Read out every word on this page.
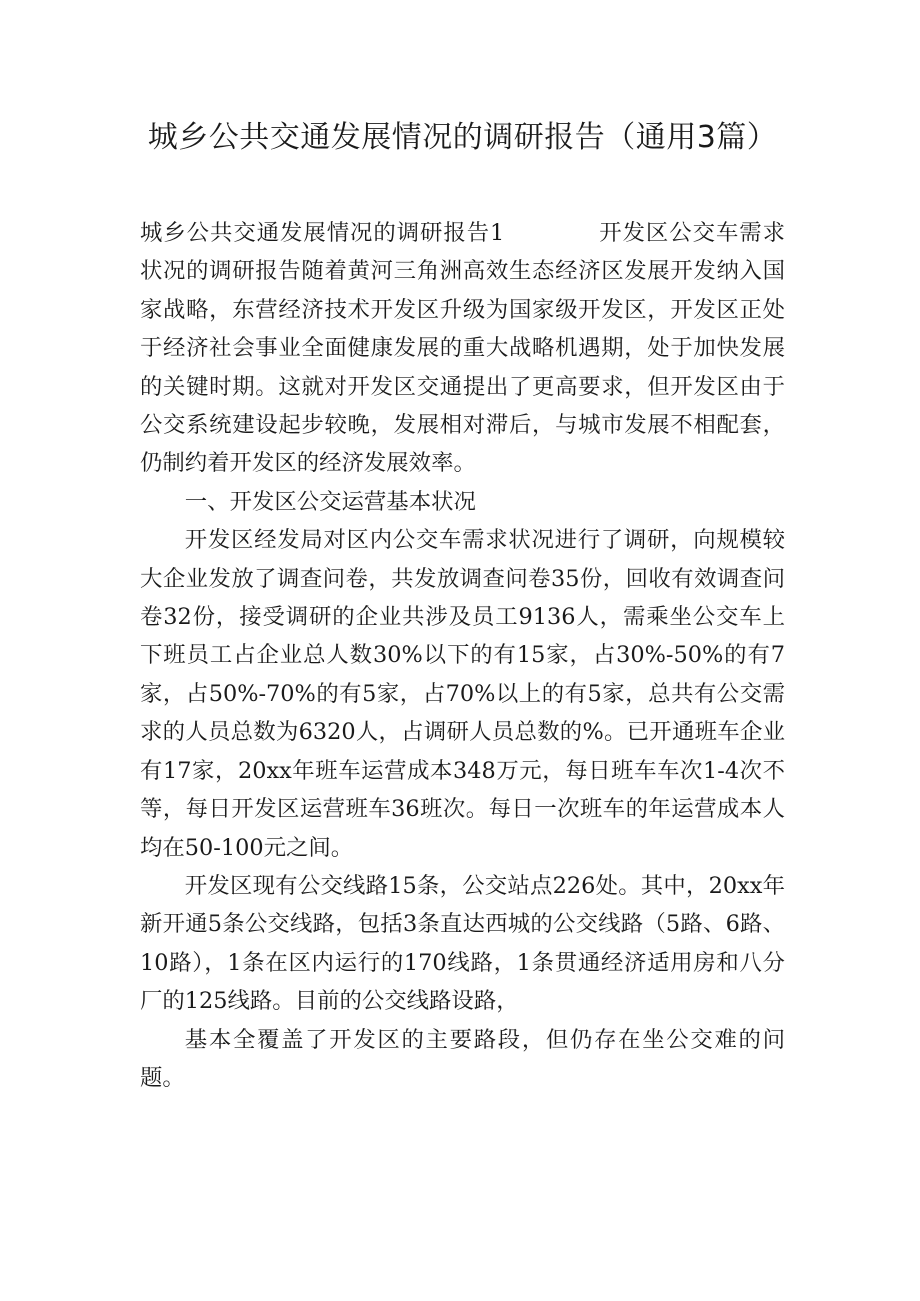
城乡公共交通发展情况的调研报告（通用3篇）

城乡公共交通发展情况的调研报告1	开发区公交车需求状况的调研报告随着黄河三角洲高效生态经济区发展开发纳入国家战略，东营经济技术开发区升级为国家级开发区，开发区正处于经济社会事业全面健康发展的重大战略机遇期，处于加快发展的关键时期。这就对开发区交通提出了更高要求，但开发区由于公交系统建设起步较晚，发展相对滞后，与城市发展不相配套，仍制约着开发区的经济发展效率。

一、开发区公交运营基本状况

开发区经发局对区内公交车需求状况进行了调研，向规模较大企业发放了调查问卷，共发放调查问卷35份，回收有效调查问卷32份，接受调研的企业共涉及员工9136人，需乘坐公交车上下班员工占企业总人数30%以下的有15家，占30%-50%的有7家，占50%-70%的有5家，占70%以上的有5家，总共有公交需求的人员总数为6320人，占调研人员总数的%。已开通班车企业有17家，20xx年班车运营成本348万元，每日班车车次1-4次不等，每日开发区运营班车36班次。每日一次班车的年运营成本人均在50-100元之间。

开发区现有公交线路15条，公交站点226处。其中，20xx年新开通5条公交线路，包括3条直达西城的公交线路（5路、6路、10路），1条在区内运行的170线路，1条贯通经济适用房和八分厂的125线路。目前的公交线路设路，

基本全覆盖了开发区的主要路段，但仍存在坐公交难的问题。
